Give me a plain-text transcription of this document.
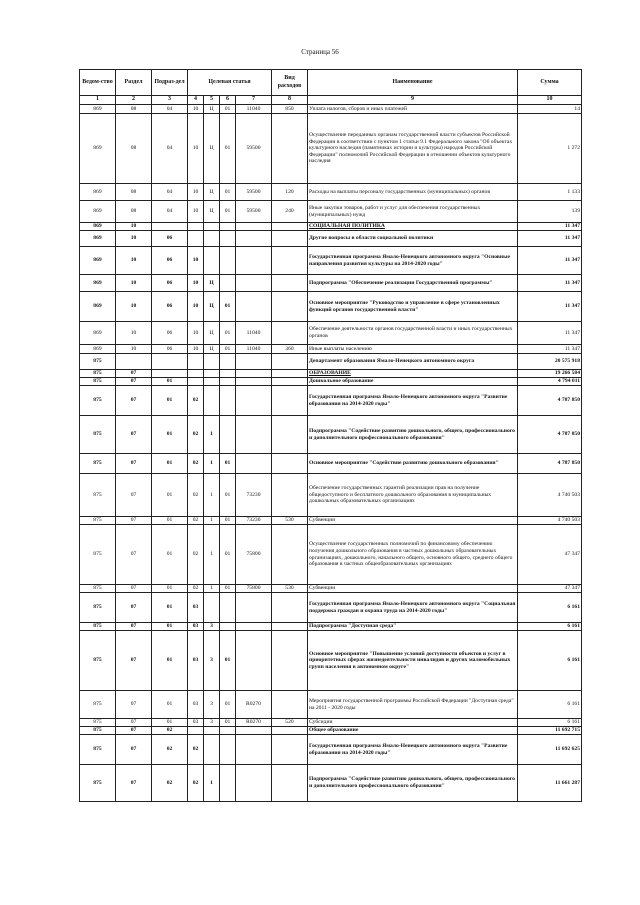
Страница 56
Ведом-ство	Раздел	Подраз-дел	Целевая статья				Вид расходов	Наименование	Сумма
1	2	3	4	5	6	7	8	9	10
869	08	04	10	Ц	01	11040	850	Уплата налогов, сборов и иных платежей	14
869	08	04	10	Ц	01	59500		Осуществление переданных органам государственной власти субъектов Российской Федерации в соответствии с пунктом 1 статьи 9.1 Федерального закона "Об объектах культурного наследия (памятниках истории и культуры) народов Российской Федерации" полномочий Российской Федерации в отношении объектов культурного наследия	1 272
869	08	04	10	Ц	01	59500	120	Расходы на выплаты персоналу государственных (муниципальных) органов	1 133
869	08	04	10	Ц	01	59500	240	Иные закупки товаров, работ и услуг для обеспечения государственных (муниципальных) нужд	139
869	10							СОЦИАЛЬНАЯ ПОЛИТИКА	11 347
869	10	06						Другие вопросы в области социальной политики	11 347
869	10	06	10					Государственная программа Ямало-Ненецкого автономного округа "Основные направления развития культуры на 2014-2020 годы"	11 347
869	10	06	10	Ц				Подпрограмма "Обеспечение реализации Государственной программы"	11 347
869	10	06	10	Ц	01			Основное мероприятие "Руководство и управление в сфере установленных функций органов государственной власти"	11 347
869	10	06	10	Ц	01	11040		Обеспечение деятельности органов государственной власти и иных государственных органов	11 347
869	10	06	10	Ц	01	11040	360	Иные выплаты населению	11 347
875								Департамент образования Ямало-Ненецкого автономного округа	20 575 918
875	07							ОБРАЗОВАНИЕ	19 266 584
875	07	01						Дошкольное образование	4 794 011
875	07	01	02					Государственная программа Ямало-Ненецкого автономного округа "Развитие образования на 2014-2020 годы"	4 787 850
875	07	01	02	1				Подпрограмма "Содействие развитию дошкольного, общего, профессионального и дополнительного профессионального образования"	4 787 850
875	07	01	02	1	01			Основное мероприятие "Содействие развитию дошкольного образования"	4 787 850
875	07	01	02	1	01	73230		Обеспечение государственных гарантий реализации прав на получение общедоступного и бесплатного дошкольного образования в муниципальных дошкольных образовательных организациях	4 740 503
875	07	01	02	1	01	73230	530	Субвенции	4 740 503
875	07	01	02	1	01	75800		Осуществление государственных полномочий по финансовому обеспечению получения дошкольного образования в частных дошкольных образовательных организациях, дошкольного, начального общего, основного общего, среднего общего образования в частных общеобразовательных организациях	47 347
875	07	01	02	1	01	75800	530	Субвенции	47 347
875	07	01	03					Государственная программа Ямало-Ненецкого автономного округа "Социальная поддержка граждан и охрана труда на 2014-2020 годы"	6 161
875	07	01	03	3				Подпрограмма "Доступная среда"	6 161
875	07	01	03	3	01			Основное мероприятие "Повышение условий доступности объектов и услуг в приоритетных сферах жизнедеятельности инвалидов и других маломобильных групп населения в автономном округе"	6 161
875	07	01	03	3	01	R0270		Мероприятия государственной программы Российской Федерации "Доступная среда" на 2011 - 2020 годы	6 161
875	07	01	03	3	01	R0270	520	Субсидии	6 161
875	07	02						Общее образование	11 692 715
875	07	02	02					Государственная программа Ямало-Ненецкого автономного округа "Развитие образования на 2014-2020 годы"	11 692 625
875	07	02	02	1				Подпрограмма "Содействие развитию дошкольного, общего, профессионального и дополнительного профессионального образования"	11 661 287
